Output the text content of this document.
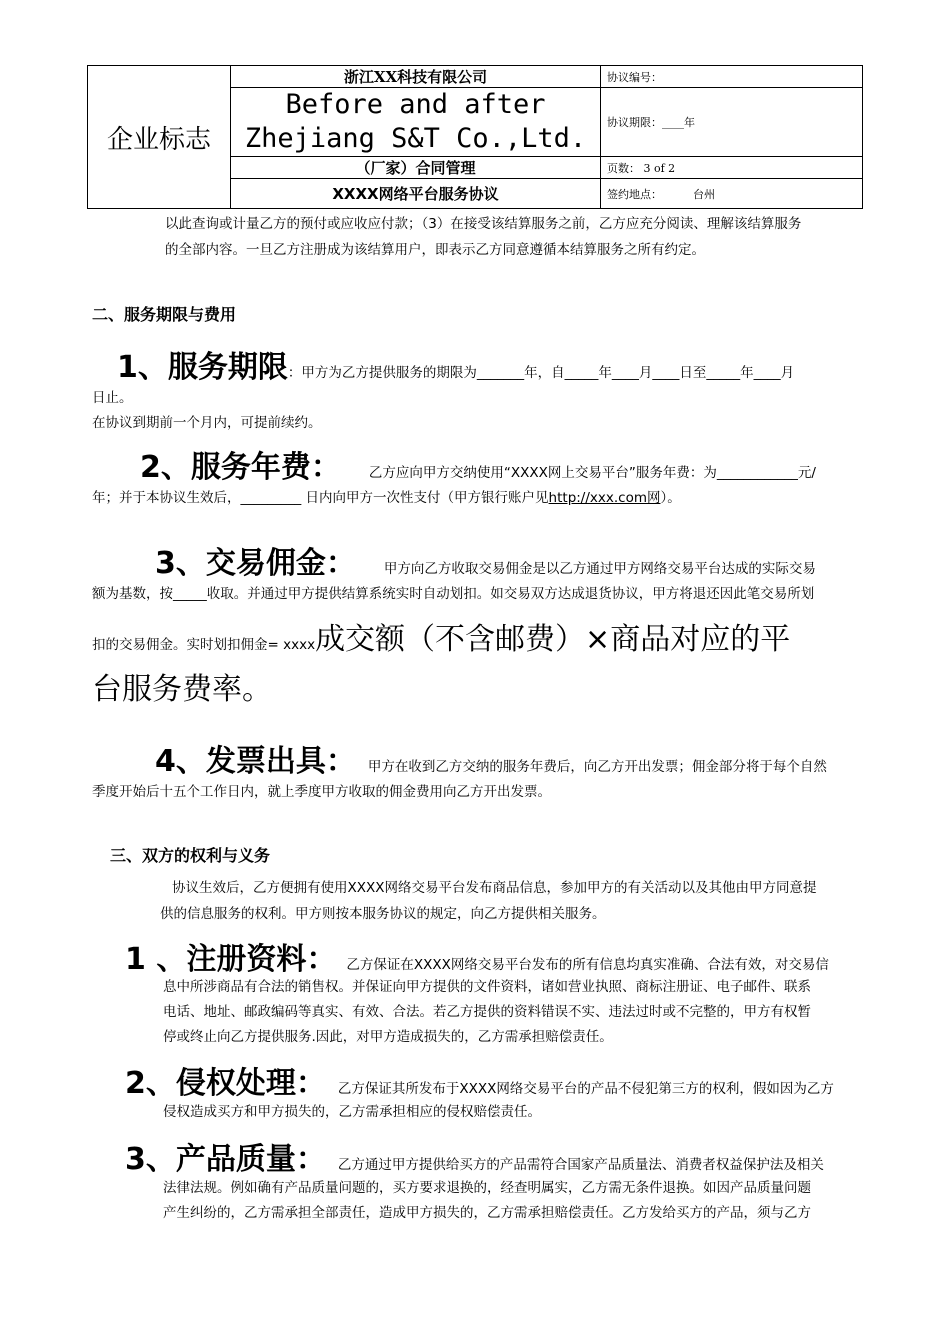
企业标志	浙江XX科技有限公司	协议编号：

	Before and after
Zhejiang S&T Co.,Ltd.	协议期限：____年
	（厂家）合同管理	页数： 3 of 2
	XXXX网络平台服务协议	签约地点： 台州
以此查询或计量乙方的预付或应收应付款；（3）在接受该结算服务之前，乙方应充分阅读、理解该结算服务
的全部内容。一旦乙方注册成为该结算用户，即表示乙方同意遵循本结算服务之所有约定。
二、服务期限与费用
1、服务期限：甲方为乙方提供服务的期限为_______年，自_____年____月____日至_____年____月
日止。
在协议到期前一个月内，可提前续约。
2、服务年费： 乙方应向甲方交纳使用“XXXX网上交易平台”服务年费：为____________元/
年；并于本协议生效后，_________ 日内向甲方一次性支付（甲方银行账户见http://xxx.com网）。
3、交易佣金： 甲方向乙方收取交易佣金是以乙方通过甲方网络交易平台达成的实际交易
额为基数，按_____收取。并通过甲方提供结算系统实时自动划扣。如交易双方达成退货协议，甲方将退还因此笔交易所划
扣的交易佣金。实时划扣佣金= xxxx成交额（不含邮费）×商品对应的平
台服务费率。
4、发票出具： 甲方在收到乙方交纳的服务年费后，向乙方开出发票；佣金部分将于每个自然
季度开始后十五个工作日内，就上季度甲方收取的佣金费用向乙方开出发票。
三、双方的权利与义务
协议生效后，乙方便拥有使用XXXX网络交易平台发布商品信息，参加甲方的有关活动以及其他由甲方同意提
供的信息服务的权利。甲方则按本服务协议的规定，向乙方提供相关服务。
1 、注册资料： 乙方保证在XXXX网络交易平台发布的所有信息均真实准确、合法有效，对交易信
息中所涉商品有合法的销售权。并保证向甲方提供的文件资料，诸如营业执照、商标注册证、电子邮件、联系
电话、地址、邮政编码等真实、有效、合法。若乙方提供的资料错误不实、违法过时或不完整的，甲方有权暂
停或终止向乙方提供服务.因此，对甲方造成损失的，乙方需承担赔偿责任。
2、侵权处理： 乙方保证其所发布于XXXX网络交易平台的产品不侵犯第三方的权利，假如因为乙方
侵权造成买方和甲方损失的，乙方需承担相应的侵权赔偿责任。
3、产品质量： 乙方通过甲方提供给买方的产品需符合国家产品质量法、消费者权益保护法及相关
法律法规。例如确有产品质量问题的，买方要求退换的，经查明属实，乙方需无条件退换。如因产品质量问题
产生纠纷的，乙方需承担全部责任，造成甲方损失的，乙方需承担赔偿责任。乙方发给买方的产品，须与乙方
